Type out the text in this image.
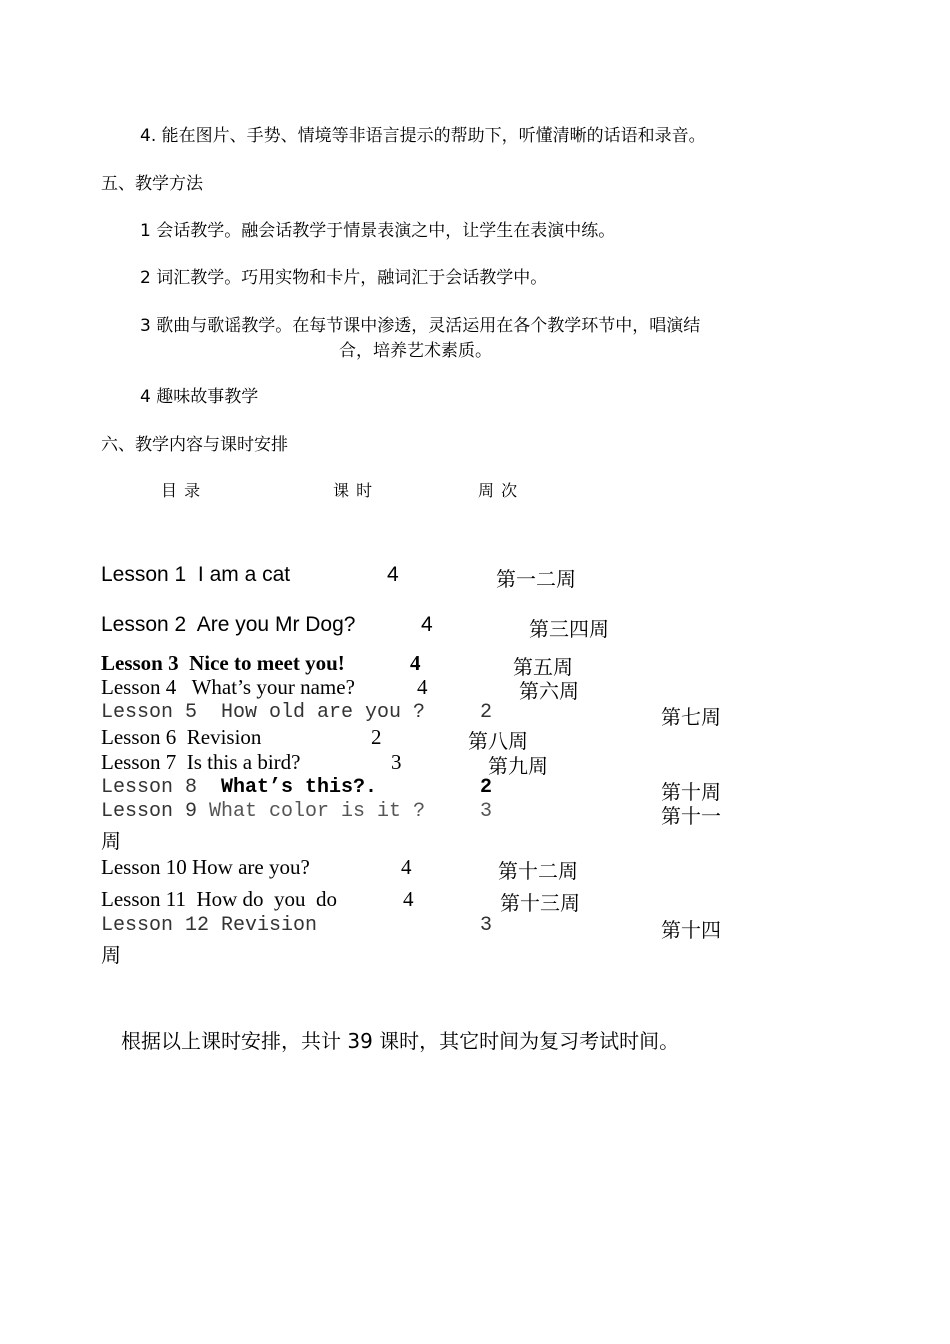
4. 能在图片、手势、情境等非语言提示的帮助下，听懂清晰的话语和录音。
五、教学方法
1 会话教学。融会话教学于情景表演之中，让学生在表演中练。
2 词汇教学。巧用实物和卡片，融词汇于会话教学中。
3 歌曲与歌谣教学。在每节课中渗透，灵活运用在各个教学环节中，唱演结
合，培养艺术素质。
4 趣味故事教学
六、教学内容与课时安排
目 录	课 时	周 次
Lesson 1  I am a cat	4	第一二周
Lesson 2  Are you Mr Dog?	4	第三四周
Lesson 3  Nice to meet you!	4	第五周
Lesson 4   What’s your name?	4	第六周
Lesson 5  How old are you ?	2	第七周
Lesson 6  Revision	2	第八周
Lesson 7  Is this a bird?	3	第九周
Lesson 8  What’s this?.	2	第十周
Lesson 9 What color is it ?	3	第十一
周
Lesson 10 How are you?	4	第十二周
Lesson 11  How do  you  do	4	第十三周
Lesson 12 Revision	3	第十四
周
根据以上课时安排，共计 39 课时，其它时间为复习考试时间。
